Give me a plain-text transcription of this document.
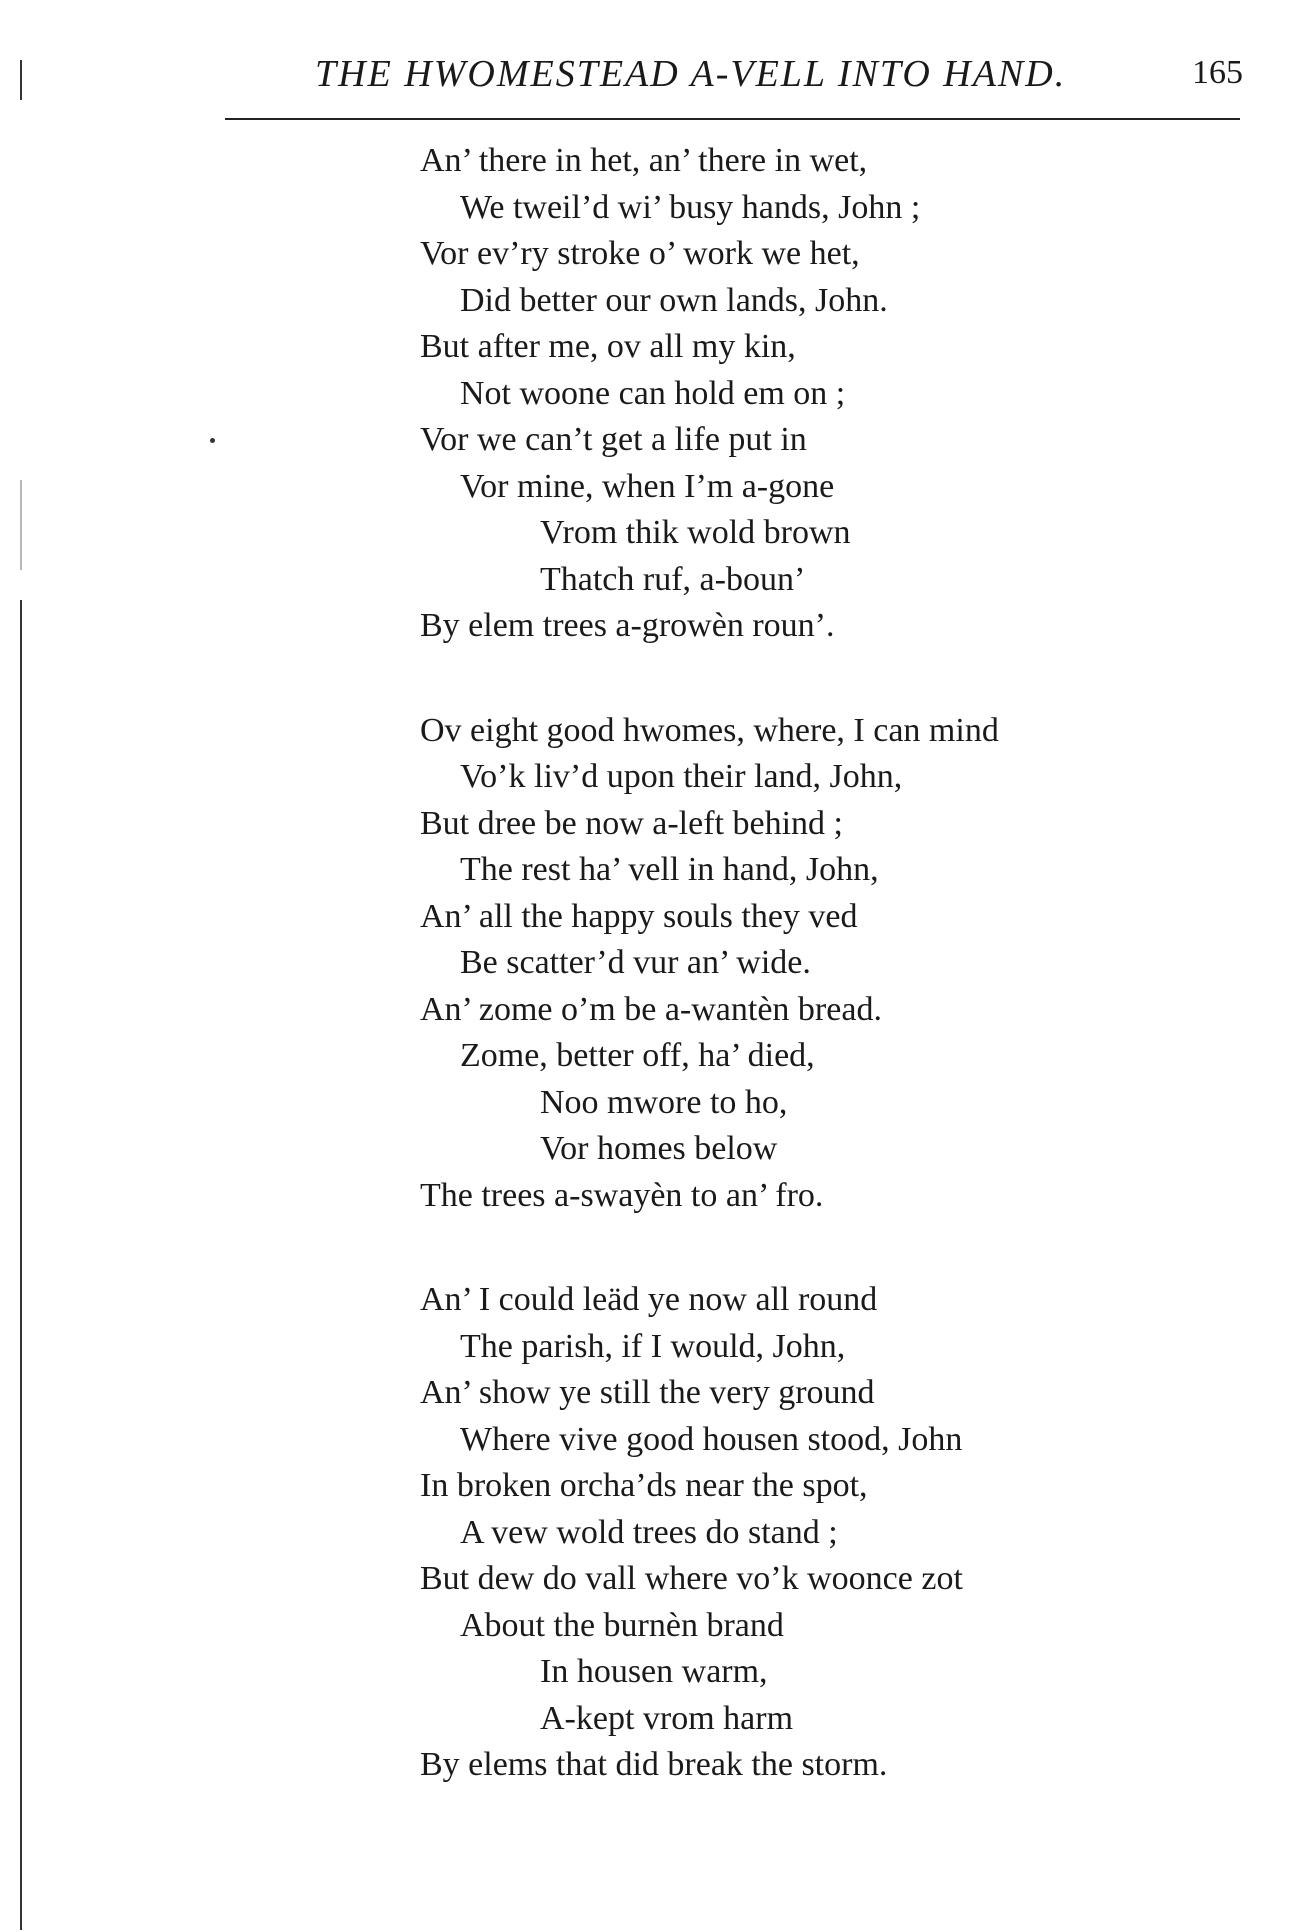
THE HWOMESTEAD A-VELL INTO HAND.	165
An’ there in het, an’ there in wet,
We tweil’d wi’ busy hands, John ;
Vor ev’ry stroke o’ work we het,
Did better our own lands, John.
But after me, ov all my kin,
Not woone can hold em on ;
Vor we can’t get a life put in
Vor mine, when I’m a-gone
Vrom thik wold brown
Thatch ruf, a-boun’
By elem trees a-growèn roun’.
Ov eight good hwomes, where, I can mind
Vo’k liv’d upon their land, John,
But dree be now a-left behind ;
The rest ha’ vell in hand, John,
An’ all the happy souls they ved
Be scatter’d vur an’ wide.
An’ zome o’m be a-wantèn bread.
Zome, better off, ha’ died,
Noo mwore to ho,
Vor homes below
The trees a-swayèn to an’ fro.
An’ I could leäd ye now all round
The parish, if I would, John,
An’ show ye still the very ground
Where vive good housen stood, John
In broken orcha’ds near the spot,
A vew wold trees do stand ;
But dew do vall where vo’k woonce zot
About the burnèn brand
In housen warm,
A-kept vrom harm
By elems that did break the storm.
